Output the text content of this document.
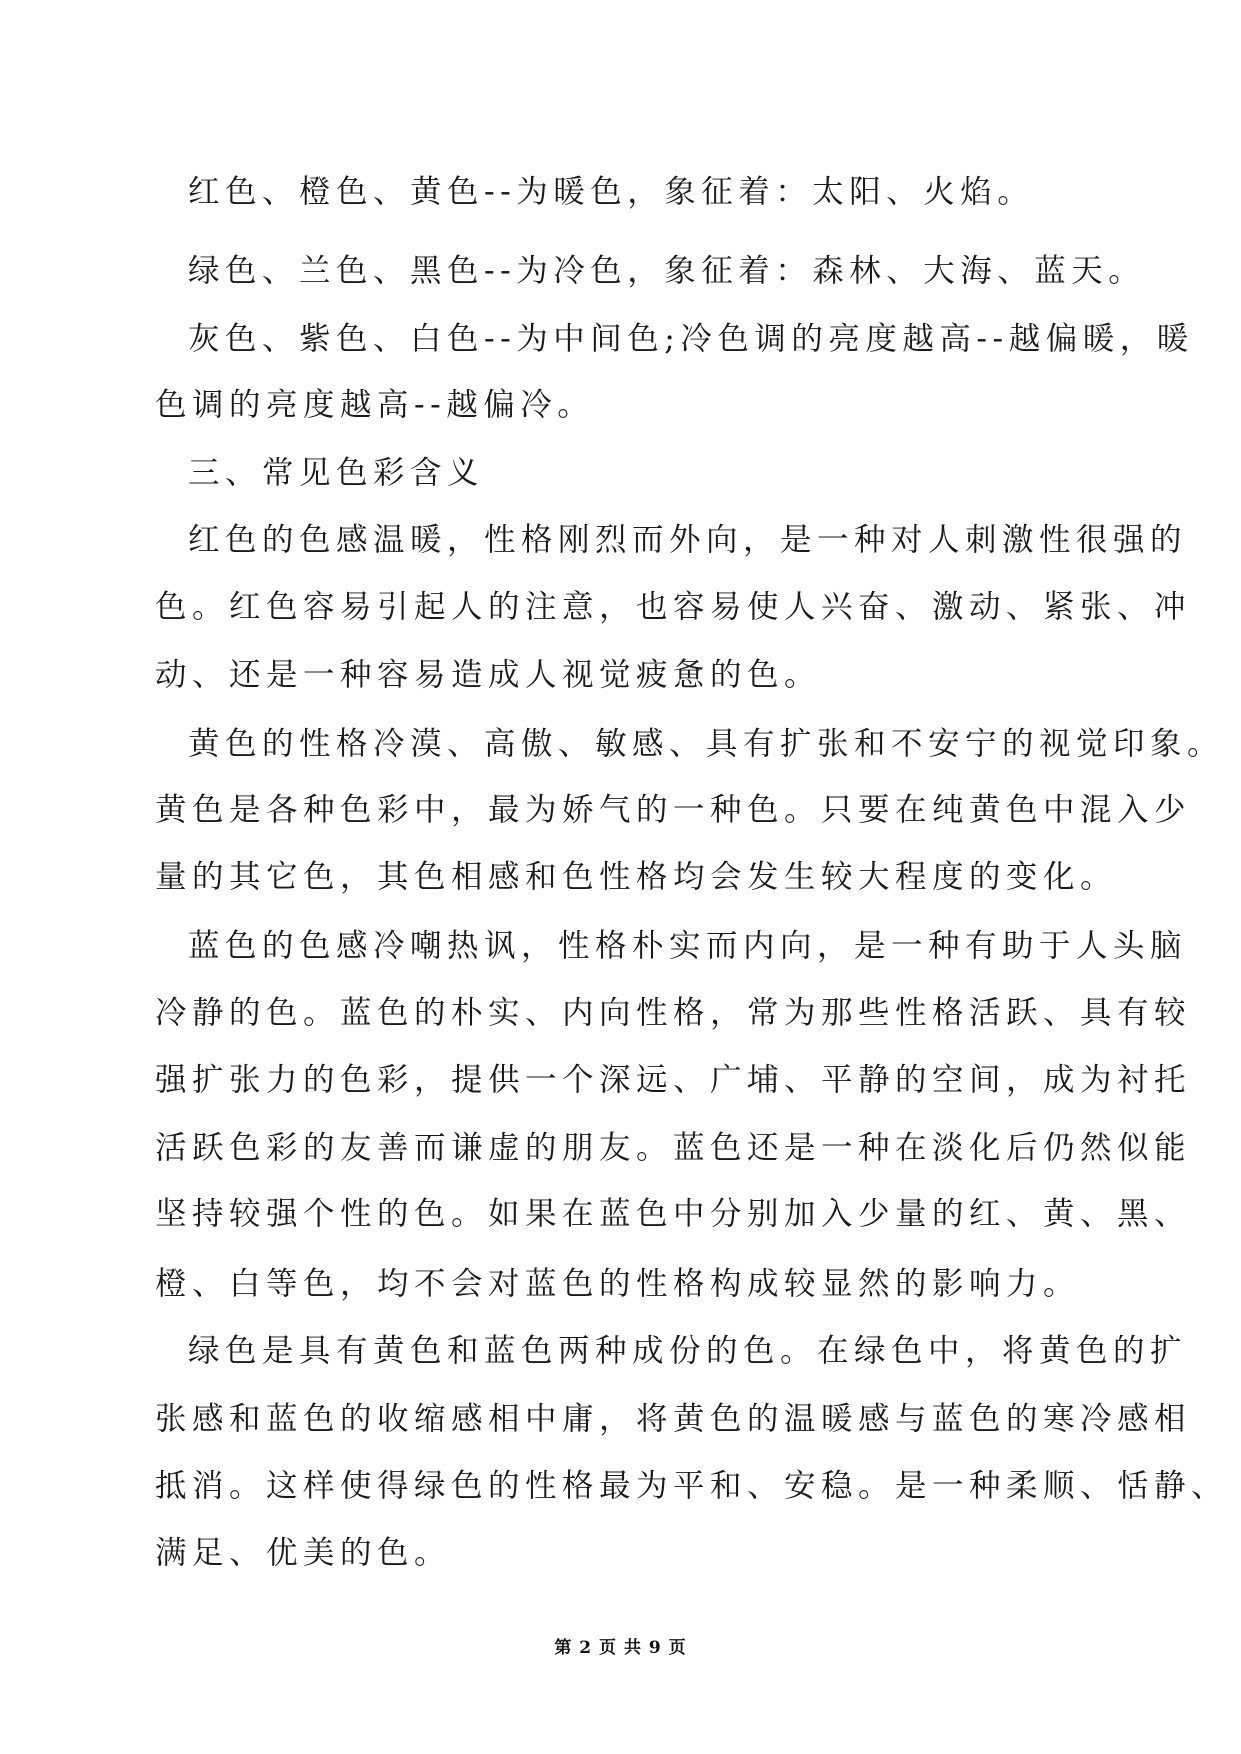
红色、橙色、黄色--为暖色，象征着：太阳、火焰。
绿色、兰色、黑色--为冷色，象征着：森林、大海、蓝天。
灰色、紫色、白色--为中间色;冷色调的亮度越高--越偏暖，暖
色调的亮度越高--越偏冷。
三、常见色彩含义
红色的色感温暖，性格刚烈而外向，是一种对人刺激性很强的
色。红色容易引起人的注意，也容易使人兴奋、激动、紧张、冲
动、还是一种容易造成人视觉疲惫的色。
黄色的性格冷漠、高傲、敏感、具有扩张和不安宁的视觉印象。
黄色是各种色彩中，最为娇气的一种色。只要在纯黄色中混入少
量的其它色，其色相感和色性格均会发生较大程度的变化。
蓝色的色感冷嘲热讽，性格朴实而内向，是一种有助于人头脑
冷静的色。蓝色的朴实、内向性格，常为那些性格活跃、具有较
强扩张力的色彩，提供一个深远、广埔、平静的空间，成为衬托
活跃色彩的友善而谦虚的朋友。蓝色还是一种在淡化后仍然似能
坚持较强个性的色。如果在蓝色中分别加入少量的红、黄、黑、
橙、白等色，均不会对蓝色的性格构成较显然的影响力。
绿色是具有黄色和蓝色两种成份的色。在绿色中，将黄色的扩
张感和蓝色的收缩感相中庸，将黄色的温暖感与蓝色的寒冷感相
抵消。这样使得绿色的性格最为平和、安稳。是一种柔顺、恬静、
满足、优美的色。
第 2 页 共 9 页
